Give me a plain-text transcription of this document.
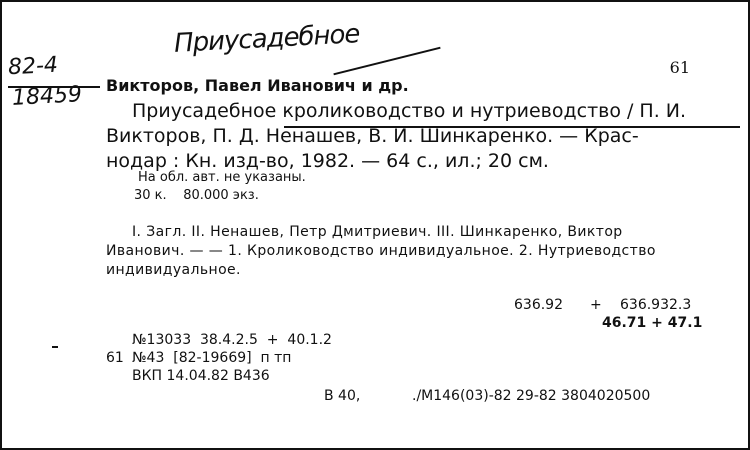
Приусадебное
82-4
18459
61
Викторов, Павел Иванович и др.
Приусадебное кролиководство и нутриеводство / П. И.
Викторов, П. Д. Ненашев, В. И. Шинкаренко. — Крас-
нодар : Кн. изд-во, 1982. — 64 с., ил.; 20 см.
На обл. авт. не указаны.
30 к.    80.000 экз.
I. Загл. II. Ненашев, Петр Дмитриевич. III. Шинкаренко, Виктор
Иванович. — — 1. Кролиководство индивидуальное. 2. Нутриеводство
индивидуальное.
636.92 + 636.932.3
46.71 + 47.1
№13033  38.4.2.5  +  40.1.2
61 №43  [82-19669]  п тп
ВКП 14.04.82 В436
В 40,	./М146(03)-82 29-82 3804020500
